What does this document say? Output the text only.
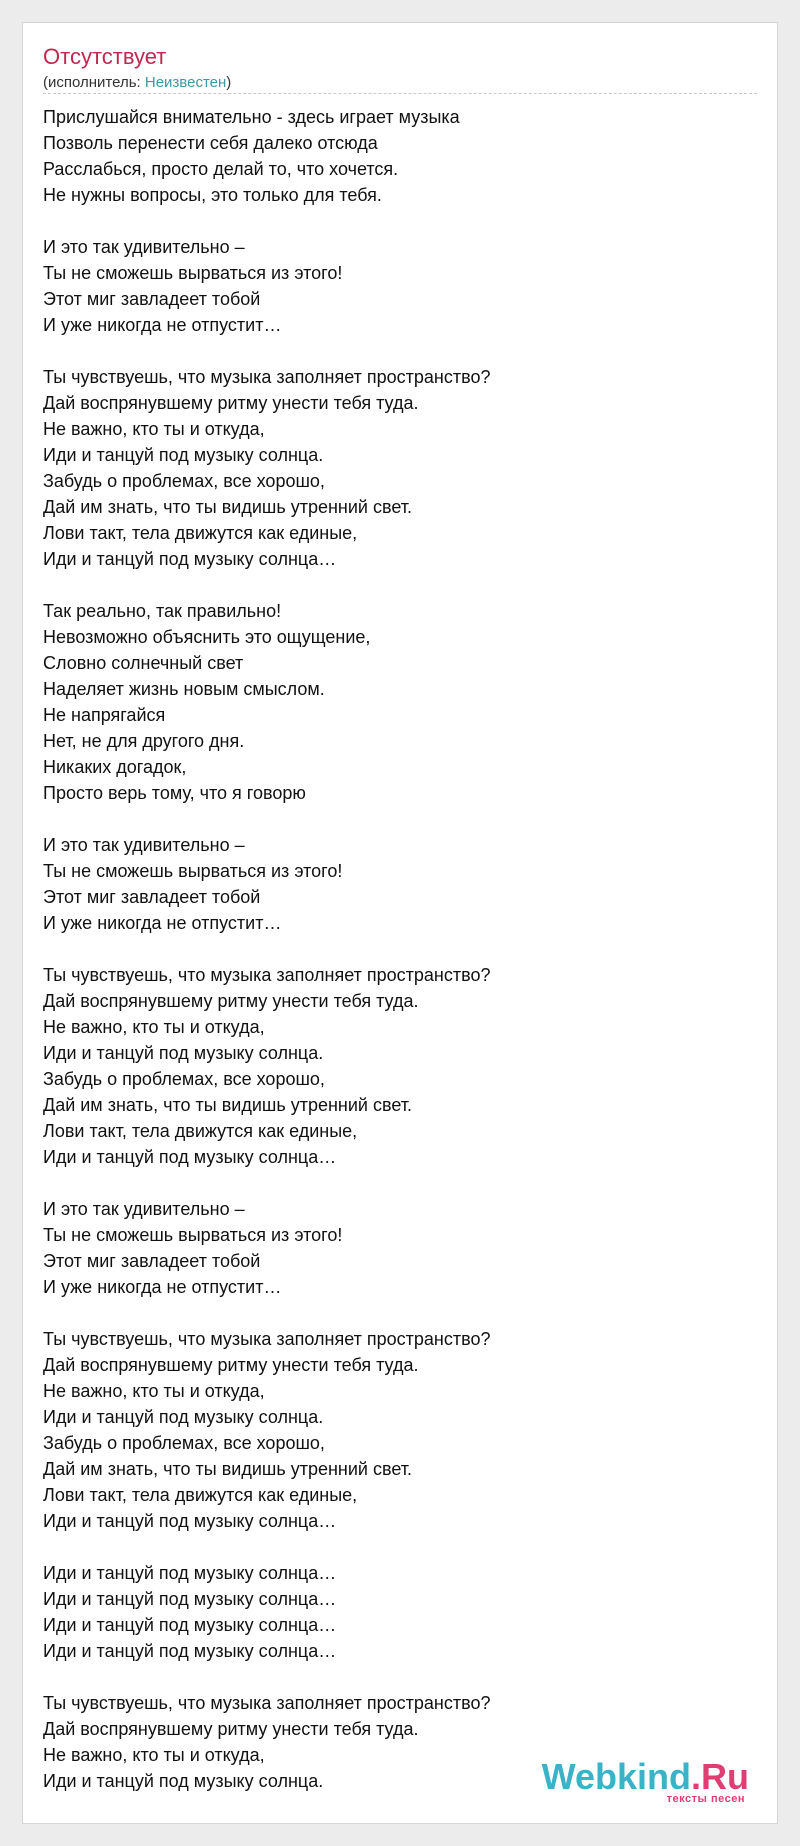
Отсутствует
(исполнитель: Неизвестен)
Прислушайся внимательно - здесь играет музыка
Позволь перенести себя далеко отсюда
Расслабься, просто делай то, что хочется.
Не нужны вопросы, это только для тебя.
И это так удивительно –
Ты не сможешь вырваться из этого!
Этот миг завладеет тобой
И уже никогда не отпустит…
Ты чувствуешь, что музыка заполняет пространство?
Дай воспрянувшему ритму унести тебя туда.
Не важно, кто ты и откуда,
Иди и танцуй под музыку солнца.
Забудь о проблемах, все хорошо,
Дай им знать, что ты видишь утренний свет.
Лови такт, тела движутся как единые,
Иди и танцуй под музыку солнца…
Так реально, так правильно!
Невозможно объяснить это ощущение,
Словно солнечный свет
Наделяет жизнь новым смыслом.
Не напрягайся
Нет, не для другого дня.
Никаких догадок,
Просто верь тому, что я говорю
И это так удивительно –
Ты не сможешь вырваться из этого!
Этот миг завладеет тобой
И уже никогда не отпустит…
Ты чувствуешь, что музыка заполняет пространство?
Дай воспрянувшему ритму унести тебя туда.
Не важно, кто ты и откуда,
Иди и танцуй под музыку солнца.
Забудь о проблемах, все хорошо,
Дай им знать, что ты видишь утренний свет.
Лови такт, тела движутся как единые,
Иди и танцуй под музыку солнца…
И это так удивительно –
Ты не сможешь вырваться из этого!
Этот миг завладеет тобой
И уже никогда не отпустит…
Ты чувствуешь, что музыка заполняет пространство?
Дай воспрянувшему ритму унести тебя туда.
Не важно, кто ты и откуда,
Иди и танцуй под музыку солнца.
Забудь о проблемах, все хорошо,
Дай им знать, что ты видишь утренний свет.
Лови такт, тела движутся как единые,
Иди и танцуй под музыку солнца…
Иди и танцуй под музыку солнца…
Иди и танцуй под музыку солнца…
Иди и танцуй под музыку солнца…
Иди и танцуй под музыку солнца…
Ты чувствуешь, что музыка заполняет пространство?
Дай воспрянувшему ритму унести тебя туда.
Не важно, кто ты и откуда,
Иди и танцуй под музыку солнца.	Webkind.Ru
тексты песен
